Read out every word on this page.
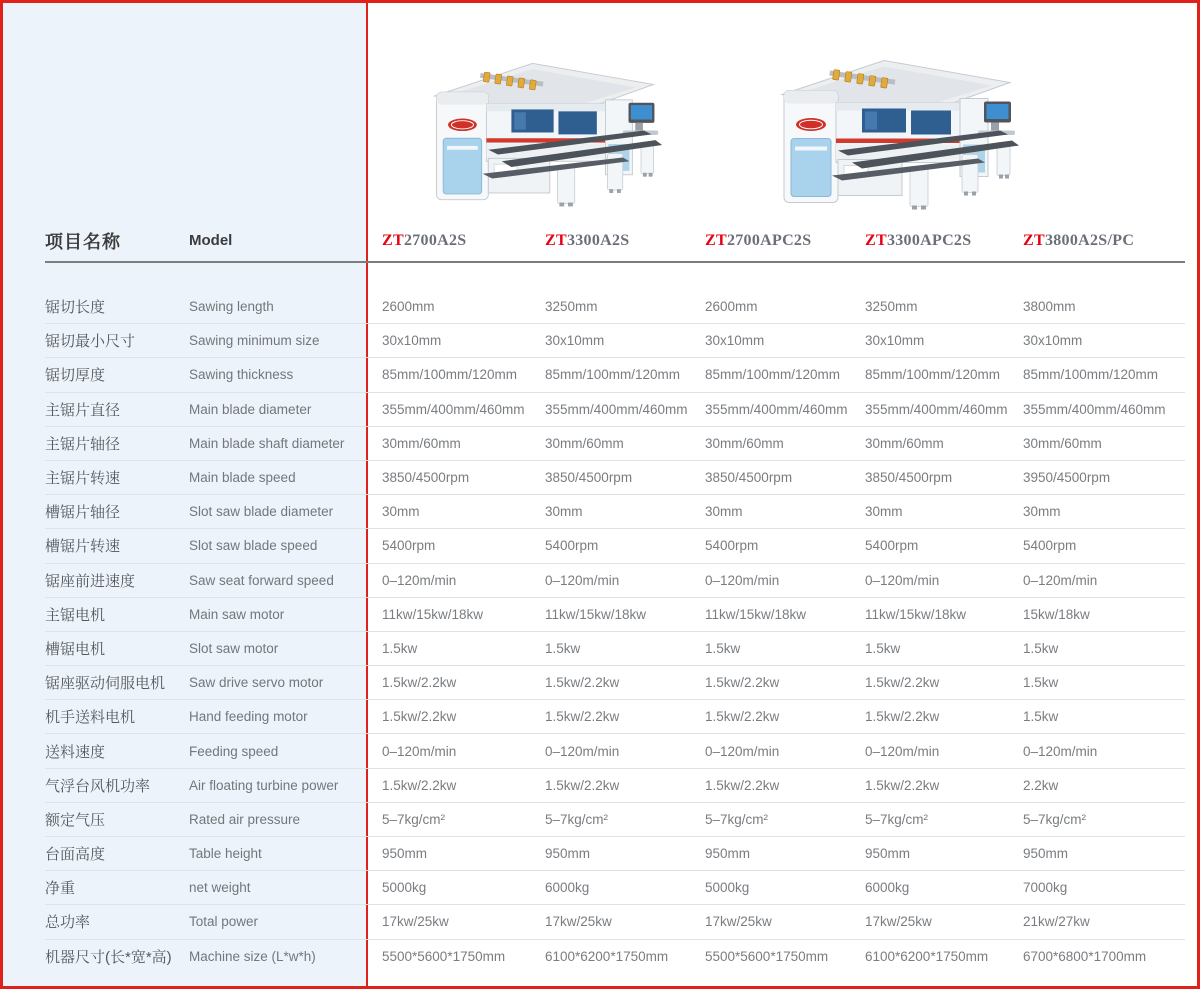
项目名称	Model	ZT2700A2S	ZT3300A2S	ZT2700APC2S	ZT3300APC2S	ZT3800A2S/PC
锯切长度	Sawing length	2600mm	3250mm	2600mm	3250mm	3800mm
锯切最小尺寸	Sawing minimum size	30x10mm	30x10mm	30x10mm	30x10mm	30x10mm
锯切厚度	Sawing thickness	85mm/100mm/120mm	85mm/100mm/120mm	85mm/100mm/120mm	85mm/100mm/120mm	85mm/100mm/120mm
主锯片直径	Main blade diameter	355mm/400mm/460mm	355mm/400mm/460mm	355mm/400mm/460mm	355mm/400mm/460mm	355mm/400mm/460mm
主锯片轴径	Main blade shaft diameter	30mm/60mm	30mm/60mm	30mm/60mm	30mm/60mm	30mm/60mm
主锯片转速	Main blade speed	3850/4500rpm	3850/4500rpm	3850/4500rpm	3850/4500rpm	3950/4500rpm
槽锯片轴径	Slot saw blade diameter	30mm	30mm	30mm	30mm	30mm
槽锯片转速	Slot saw blade speed	5400rpm	5400rpm	5400rpm	5400rpm	5400rpm
锯座前进速度	Saw seat forward speed	0–120m/min	0–120m/min	0–120m/min	0–120m/min	0–120m/min
主锯电机	Main saw motor	11kw/15kw/18kw	11kw/15kw/18kw	11kw/15kw/18kw	11kw/15kw/18kw	15kw/18kw
槽锯电机	Slot saw motor	1.5kw	1.5kw	1.5kw	1.5kw	1.5kw
锯座驱动伺服电机	Saw drive servo motor	1.5kw/2.2kw	1.5kw/2.2kw	1.5kw/2.2kw	1.5kw/2.2kw	1.5kw
机手送料电机	Hand feeding motor	1.5kw/2.2kw	1.5kw/2.2kw	1.5kw/2.2kw	1.5kw/2.2kw	1.5kw
送料速度	Feeding speed	0–120m/min	0–120m/min	0–120m/min	0–120m/min	0–120m/min
气浮台风机功率	Air floating turbine power	1.5kw/2.2kw	1.5kw/2.2kw	1.5kw/2.2kw	1.5kw/2.2kw	2.2kw
额定气压	Rated air pressure	5–7kg/cm²	5–7kg/cm²	5–7kg/cm²	5–7kg/cm²	5–7kg/cm²
台面高度	Table height	950mm	950mm	950mm	950mm	950mm
净重	net weight	5000kg	6000kg	5000kg	6000kg	7000kg
总功率	Total power	17kw/25kw	17kw/25kw	17kw/25kw	17kw/25kw	21kw/27kw
机器尺寸(长*宽*高)	Machine size (L*w*h)	5500*5600*1750mm	6100*6200*1750mm	5500*5600*1750mm	6100*6200*1750mm	6700*6800*1700mm
